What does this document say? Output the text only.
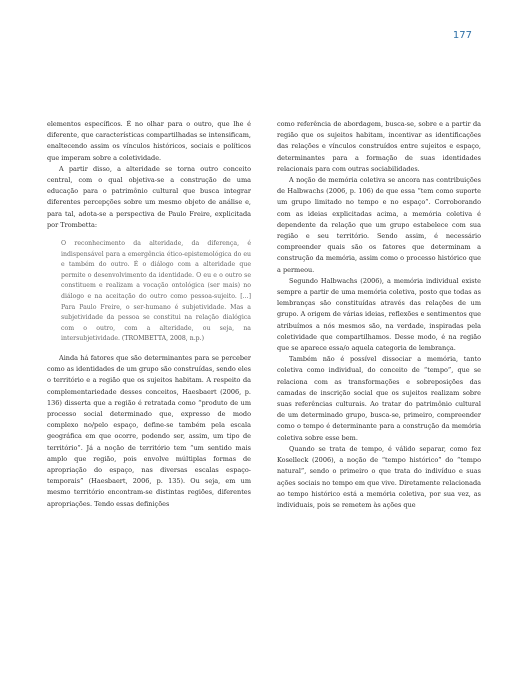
177

elementos específicos. É no olhar para o outro, que lhe é diferente, que características compartilhadas se intensificam, enaltecendo assim os vínculos históricos, sociais e políticos que imperam sobre a coletividade.

A partir disso, a alteridade se torna outro conceito central, com o qual objetiva-se a construção de uma educação para o patrimônio cultural que busca integrar diferentes percepções sobre um mesmo objeto de análise e, para tal, adota-se a perspectiva de Paulo Freire, explicitada por Trombetta:

O reconhecimento da alteridade, da diferença, é indispensável para a emergência ético-epistemológica do eu e também do outro. É o diálogo com a alteridade que permite o desenvolvimento da identidade. O eu e o outro se constituem e realizam a vocação ontológica (ser mais) no diálogo e na aceitação do outro como pessoa-sujeito. [...] Para Paulo Freire, o ser-humano é subjetividade. Mas a subjetividade da pessoa se constitui na relação dialógica com o outro, com a alteridade, ou seja, na intersubjetividade. (TROMBETTA, 2008, n.p.)

Ainda há fatores que são determinantes para se perceber como as identidades de um grupo são construídas, sendo eles o território e a região que os sujeitos habitam. A respeito da complementariedade desses conceitos, Haesbaert (2006, p. 136) disserta que a região é retratada como “produto de um processo social determinado que, expresso de modo complexo no/pelo espaço, define-se também pela escala geográfica em que ocorre, podendo ser, assim, um tipo de território”. Já a noção de território tem “um sentido mais amplo que região, pois envolve múltiplas formas de apropriação do espaço, nas diversas escalas espaço-temporais” (Haesbaert, 2006, p. 135). Ou seja, em um mesmo território encontram-se distintas regiões, diferentes apropriações. Tendo essas definições

como referência de abordagem, busca-se, sobre e a partir da região que os sujeitos habitam, incentivar as identificações das relações e vínculos construídos entre sujeitos e espaço, determinantes para a formação de suas identidades relacionais para com outras sociabilidades.

A noção de memória coletiva se ancora nas contribuições de Halbwachs (2006, p. 106) de que essa “tem como suporte um grupo limitado no tempo e no espaço”. Corroborando com as ideias explicitadas acima, a memória coletiva é dependente da relação que um grupo estabelece com sua região e seu território. Sendo assim, é necessário compreender quais são os fatores que determinam a construção da memória, assim como o processo histórico que a permeou.

Segundo Halbwachs (2006), a memória individual existe sempre a partir de uma memória coletiva, posto que todas as lembranças são constituídas através das relações de um grupo. A origem de várias ideias, reflexões e sentimentos que atribuímos a nós mesmos são, na verdade, inspiradas pela coletividade que compartilhamos. Desse modo, é na região que se aparece essa/o aquela categoria de lembrança.

Também não é possível dissociar a memória, tanto coletiva como individual, do conceito de “tempo”, que se relaciona com as transformações e sobreposições das camadas de inscrição social que os sujeitos realizam sobre suas referências culturais. Ao tratar do patrimônio cultural de um determinado grupo, busca-se, primeiro, compreender como o tempo é determinante para a construção da memória coletiva sobre esse bem.

Quando se trata de tempo, é válido separar, como fez Koselleck (2006), a noção de “tempo histórico” do “tempo natural”, sendo o primeiro o que trata do indivíduo e suas ações sociais no tempo em que vive. Diretamente relacionada ao tempo histórico está a memória coletiva, por sua vez, as individuais, pois se remetem às ações que
